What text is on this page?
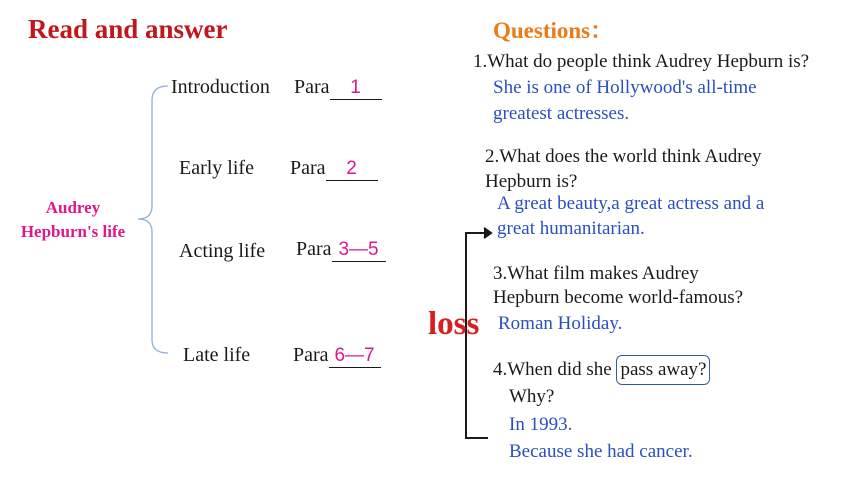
Read and answer
Audrey
Hepburn's life
Introduction Para 1
Early life Para 2
Acting life Para 3—5
Late life Para 6—7
Questions：
1.What do people think Audrey Hepburn is?
She is one of Hollywood's all-time
greatest actresses.
2.What does the world think Audrey
Hepburn is?
A great beauty,a great actress and a
great humanitarian.
3.What film makes Audrey
Hepburn become world-famous?
Roman Holiday.
loss
4.When did she pass away?
Why?
In 1993.
Because she had cancer.
